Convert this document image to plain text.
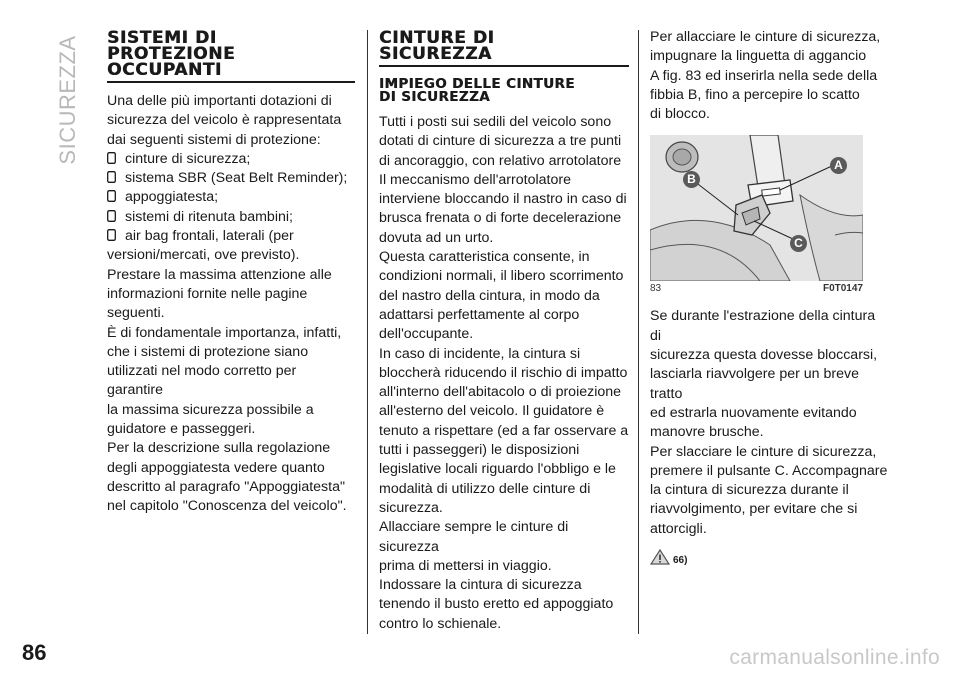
SICUREZZA
86	carmanualsonline.info
SISTEMI DI
PROTEZIONE
OCCUPANTI
Una delle più importanti dotazioni di
sicurezza del veicolo è rappresentata
dai seguenti sistemi di protezione:
cinture di sicurezza;
sistema SBR (Seat Belt Reminder);
appoggiatesta;
sistemi di ritenuta bambini;
air bag frontali, laterali (per
versioni/mercati, ove previsto).
Prestare la massima attenzione alle
informazioni fornite nelle pagine
seguenti.
È di fondamentale importanza, infatti,
che i sistemi di protezione siano
utilizzati nel modo corretto per garantire
la massima sicurezza possibile a
guidatore e passeggeri.
Per la descrizione sulla regolazione
degli appoggiatesta vedere quanto
descritto al paragrafo "Appoggiatesta"
nel capitolo "Conoscenza del veicolo".
CINTURE DI
SICUREZZA
IMPIEGO DELLE CINTURE
DI SICUREZZA
Tutti i posti sui sedili del veicolo sono
dotati di cinture di sicurezza a tre punti
di ancoraggio, con relativo arrotolatore
Il meccanismo dell'arrotolatore
interviene bloccando il nastro in caso di
brusca frenata o di forte decelerazione
dovuta ad un urto.
Questa caratteristica consente, in
condizioni normali, il libero scorrimento
del nastro della cintura, in modo da
adattarsi perfettamente al corpo
dell'occupante.
In caso di incidente, la cintura si
bloccherà riducendo il rischio di impatto
all'interno dell'abitacolo o di proiezione
all'esterno del veicolo. Il guidatore è
tenuto a rispettare (ed a far osservare a
tutti i passeggeri) le disposizioni
legislative locali riguardo l'obbligo e le
modalità di utilizzo delle cinture di
sicurezza.
Allacciare sempre le cinture di sicurezza
prima di mettersi in viaggio.
Indossare la cintura di sicurezza
tenendo il busto eretto ed appoggiato
contro lo schienale.
Per allacciare le cinture di sicurezza,
impugnare la linguetta di aggancio
A fig. 83 ed inserirla nella sede della
fibbia B, fino a percepire lo scatto
di blocco.
A
B
C
83	F0T0147
Se durante l'estrazione della cintura di
sicurezza questa dovesse bloccarsi,
lasciarla riavvolgere per un breve tratto
ed estrarla nuovamente evitando
manovre brusche.
Per slacciare le cinture di sicurezza,
premere il pulsante C. Accompagnare
la cintura di sicurezza durante il
riavvolgimento, per evitare che si
attorcigli.
66)
